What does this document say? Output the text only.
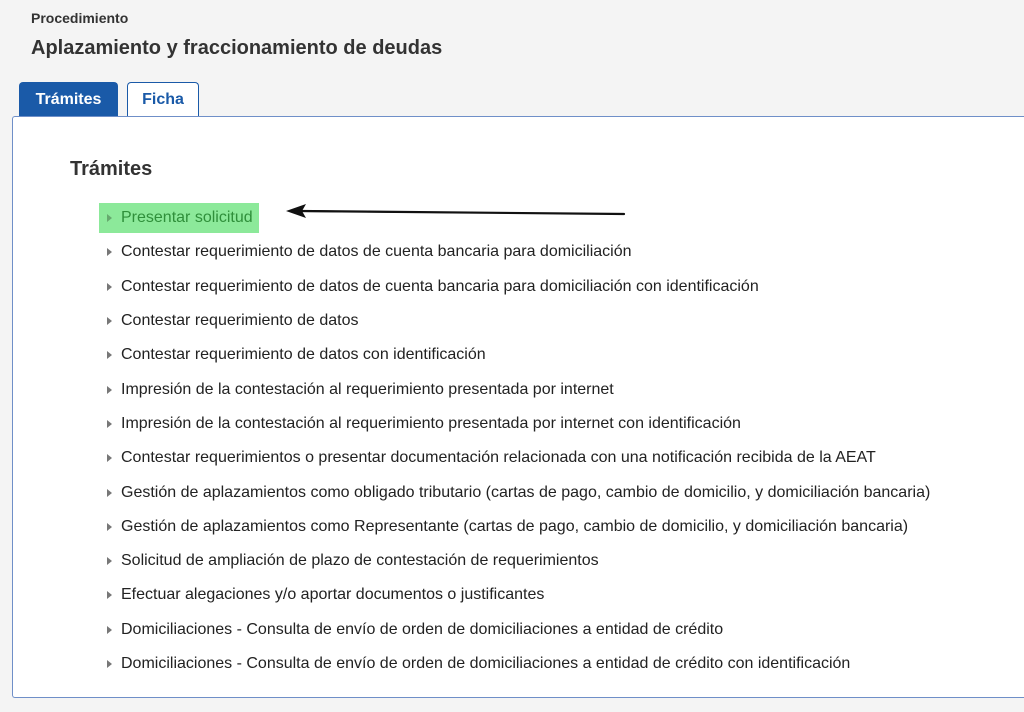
Procedimiento
Aplazamiento y fraccionamiento de deudas
Trámites	Ficha
Trámites
Presentar solicitud
Contestar requerimiento de datos de cuenta bancaria para domiciliación
Contestar requerimiento de datos de cuenta bancaria para domiciliación con identificación
Contestar requerimiento de datos
Contestar requerimiento de datos con identificación
Impresión de la contestación al requerimiento presentada por internet
Impresión de la contestación al requerimiento presentada por internet con identificación
Contestar requerimientos o presentar documentación relacionada con una notificación recibida de la AEAT
Gestión de aplazamientos como obligado tributario (cartas de pago, cambio de domicilio, y domiciliación bancaria)
Gestión de aplazamientos como Representante (cartas de pago, cambio de domicilio, y domiciliación bancaria)
Solicitud de ampliación de plazo de contestación de requerimientos
Efectuar alegaciones y/o aportar documentos o justificantes
Domiciliaciones - Consulta de envío de orden de domiciliaciones a entidad de crédito
Domiciliaciones - Consulta de envío de orden de domiciliaciones a entidad de crédito con identificación
